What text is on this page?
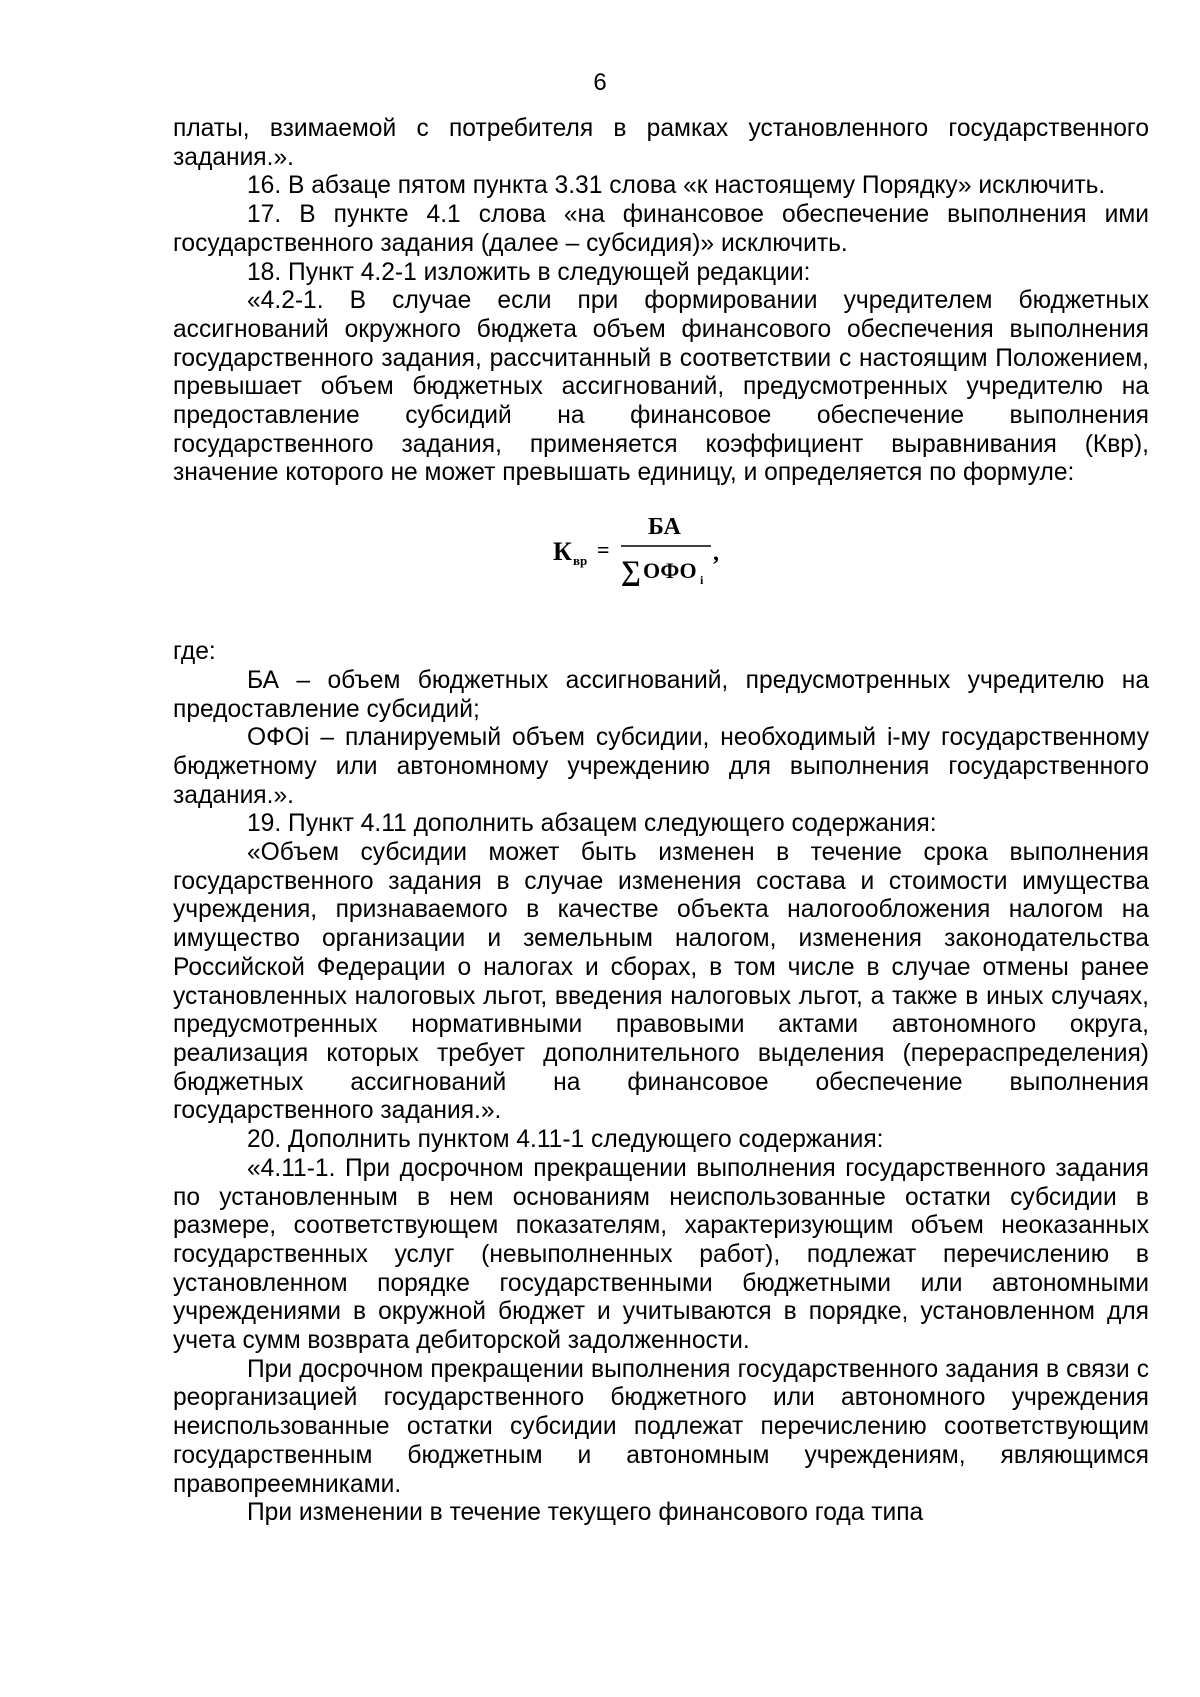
6

платы, взимаемой с потребителя в рамках установленного государственного задания.».

16. В абзаце пятом пункта 3.31 слова «к настоящему Порядку» исключить.

17. В пункте 4.1 слова «на финансовое обеспечение выполнения ими государственного задания (далее – субсидия)» исключить.

18. Пункт 4.2-1 изложить в следующей редакции:

«4.2-1. В случае если при формировании учредителем бюджетных ассигнований окружного бюджета объем финансового обеспечения выполнения государственного задания, рассчитанный в соответствии с настоящим Положением, превышает объем бюджетных ассигнований, предусмотренных учредителю на предоставление субсидий на финансовое обеспечение выполнения государственного задания, применяется коэффициент выравнивания (Квр), значение которого не может превышать единицу, и определяется по формуле:

К вр =
БА
∑ ОФО i
,

где:

БА – объем бюджетных ассигнований, предусмотренных учредителю на предоставление субсидий;

ОФОi – планируемый объем субсидии, необходимый i-му государственному бюджетному или автономному учреждению для выполнения государственного задания.».

19. Пункт 4.11 дополнить абзацем следующего содержания:

«Объем субсидии может быть изменен в течение срока выполнения государственного задания в случае изменения состава и стоимости имущества учреждения, признаваемого в качестве объекта налогообложения налогом на имущество организации и земельным налогом, изменения законодательства Российской Федерации о налогах и сборах, в том числе в случае отмены ранее установленных налоговых льгот, введения налоговых льгот, а также в иных случаях, предусмотренных нормативными правовыми актами автономного округа, реализация которых требует дополнительного выделения (перераспределения) бюджетных ассигнований на финансовое обеспечение выполнения государственного задания.».

20. Дополнить пунктом 4.11-1 следующего содержания:

«4.11-1. При досрочном прекращении выполнения государственного задания по установленным в нем основаниям неиспользованные остатки субсидии в размере, соответствующем показателям, характеризующим объем неоказанных государственных услуг (невыполненных работ), подлежат перечислению в установленном порядке государственными бюджетными или автономными учреждениями в окружной бюджет и учитываются в порядке, установленном для учета сумм возврата дебиторской задолженности.

При досрочном прекращении выполнения государственного задания в связи с реорганизацией государственного бюджетного или автономного учреждения неиспользованные остатки субсидии подлежат перечислению соответствующим государственным бюджетным и автономным учреждениям, являющимся правопреемниками.

При изменении в течение текущего финансового года типа
